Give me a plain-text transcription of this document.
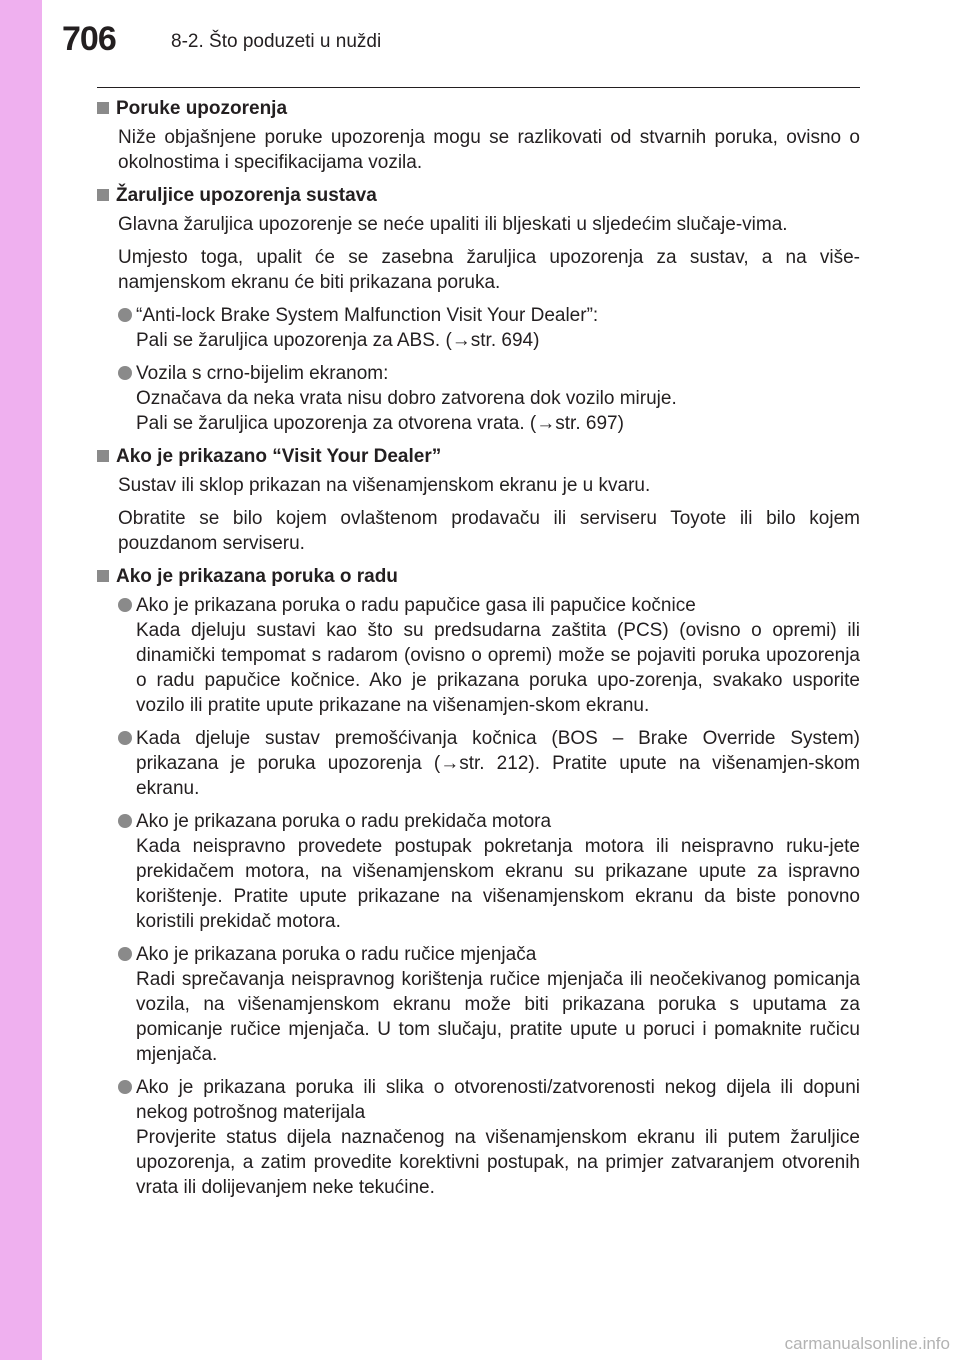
706	8-2. Što poduzeti u nuždi
Poruke upozorenja
Niže objašnjene poruke upozorenja mogu se razlikovati od stvarnih poruka, ovisno o okolnostima i specifikacijama vozila.
Žaruljice upozorenja sustava
Glavna žaruljica upozorenje se neće upaliti ili bljeskati u sljedećim slučaje-vima.
Umjesto toga, upalit će se zasebna žaruljica upozorenja za sustav, a na više-namjenskom ekranu će biti prikazana poruka.
“Anti-lock Brake System Malfunction Visit Your Dealer”:
Pali se žaruljica upozorenja za ABS. (→str. 694)
Vozila s crno-bijelim ekranom:
Označava da neka vrata nisu dobro zatvorena dok vozilo miruje.
Pali se žaruljica upozorenja za otvorena vrata. (→str. 697)
Ako je prikazano “Visit Your Dealer”
Sustav ili sklop prikazan na višenamjenskom ekranu je u kvaru.
Obratite se bilo kojem ovlaštenom prodavaču ili serviseru Toyote ili bilo kojem pouzdanom serviseru.
Ako je prikazana poruka o radu
Ako je prikazana poruka o radu papučice gasa ili papučice kočnice
Kada djeluju sustavi kao što su predsudarna zaštita (PCS) (ovisno o opremi) ili dinamički tempomat s radarom (ovisno o opremi) može se pojaviti poruka upozorenja o radu papučice kočnice. Ako je prikazana poruka upo-zorenja, svakako usporite vozilo ili pratite upute prikazane na višenamjen-skom ekranu.
Kada djeluje sustav premošćivanja kočnica (BOS – Brake Override System) prikazana je poruka upozorenja (→str. 212). Pratite upute na višenamjen-skom ekranu.
Ako je prikazana poruka o radu prekidača motora
Kada neispravno provedete postupak pokretanja motora ili neispravno ruku-jete prekidačem motora, na višenamjenskom ekranu su prikazane upute za ispravno korištenje. Pratite upute prikazane na višenamjenskom ekranu da biste ponovno koristili prekidač motora.
Ako je prikazana poruka o radu ručice mjenjača
Radi sprečavanja neispravnog korištenja ručice mjenjača ili neočekivanog pomicanja vozila, na višenamjenskom ekranu može biti prikazana poruka s uputama za pomicanje ručice mjenjača. U tom slučaju, pratite upute u poruci i pomaknite ručicu mjenjača.
Ako je prikazana poruka ili slika o otvorenosti/zatvorenosti nekog dijela ili dopuni nekog potrošnog materijala
Provjerite status dijela naznačenog na višenamjenskom ekranu ili putem žaruljice upozorenja, a zatim provedite korektivni postupak, na primjer zatvaranjem otvorenih vrata ili dolijevanjem neke tekućine.
carmanualsonline.info
